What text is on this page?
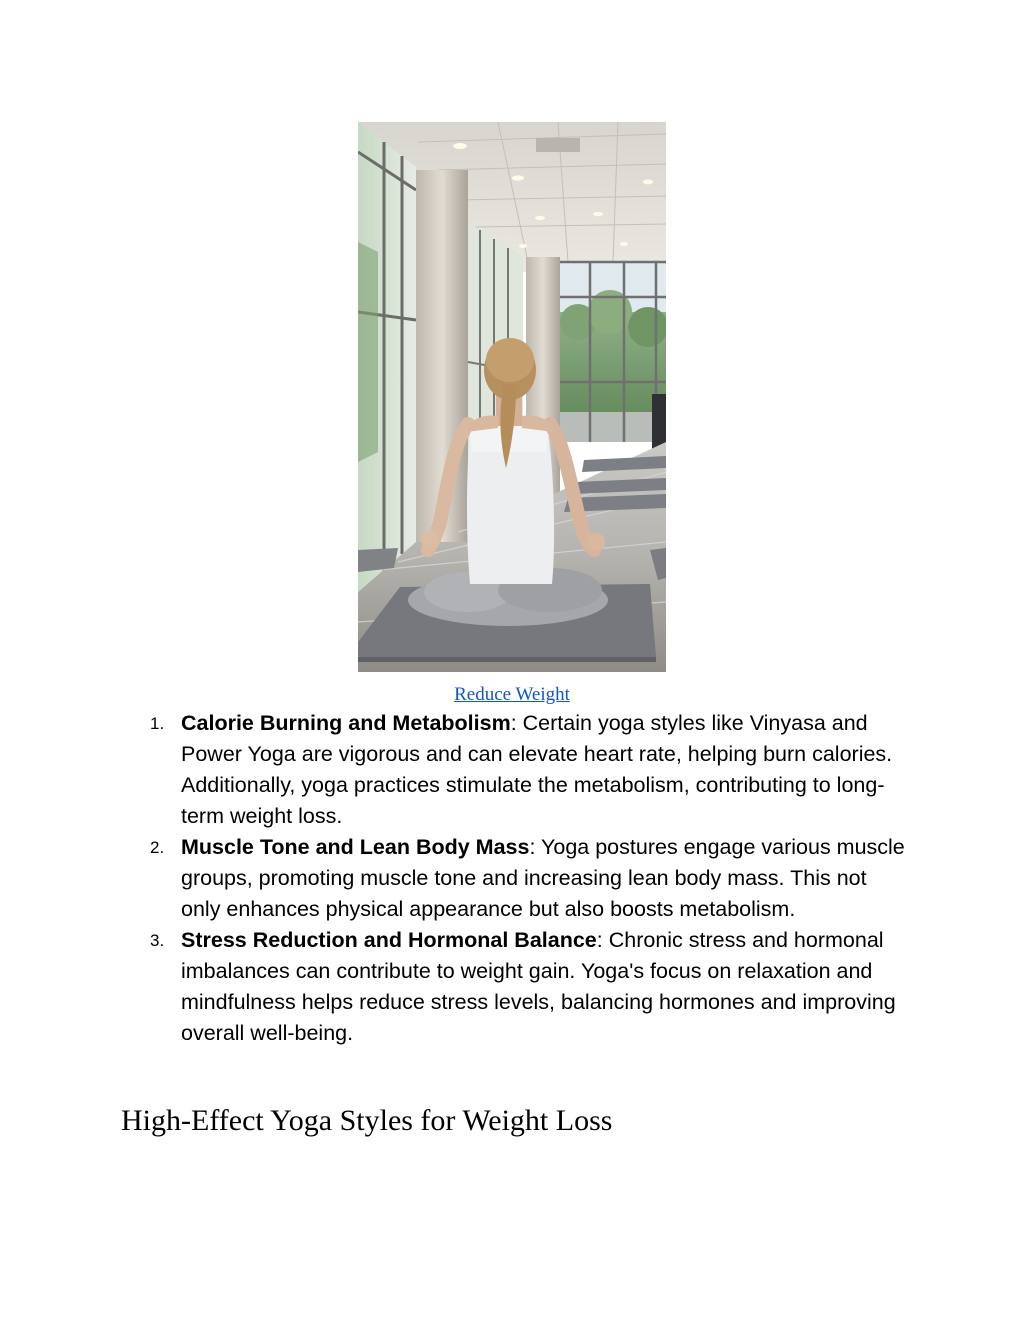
Reduce Weight
1. Calorie Burning and Metabolism: Certain yoga styles like Vinyasa and Power Yoga are vigorous and can elevate heart rate, helping burn calories. Additionally, yoga practices stimulate the metabolism, contributing to long-term weight loss.
2. Muscle Tone and Lean Body Mass: Yoga postures engage various muscle groups, promoting muscle tone and increasing lean body mass. This not only enhances physical appearance but also boosts metabolism.
3. Stress Reduction and Hormonal Balance: Chronic stress and hormonal imbalances can contribute to weight gain. Yoga's focus on relaxation and mindfulness helps reduce stress levels, balancing hormones and improving overall well-being.
High-Effect Yoga Styles for Weight Loss
